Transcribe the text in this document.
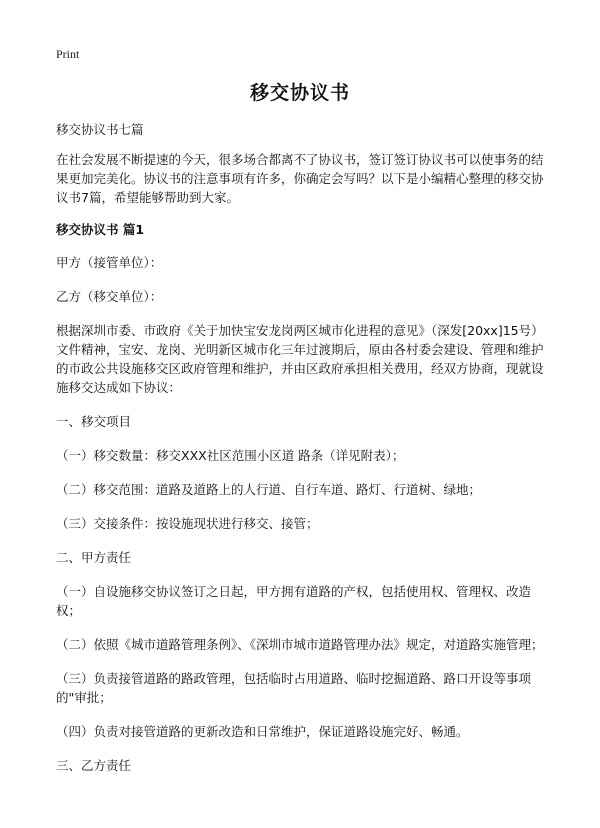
Print
移交协议书

移交协议书七篇

在社会发展不断提速的今天，很多场合都离不了协议书，签订签订协议书可以使事务的结果更加完美化。协议书的注意事项有许多，你确定会写吗？以下是小编精心整理的移交协议书7篇，希望能够帮助到大家。

移交协议书 篇1

甲方（接管单位）：

乙方（移交单位）：

根据深圳市委、市政府《关于加快宝安龙岗两区城市化进程的意见》（深发[20xx]15号）文件精神，宝安、龙岗、光明新区城市化三年过渡期后，原由各村委会建设、管理和维护的市政公共设施移交区政府管理和维护，并由区政府承担相关费用，经双方协商，现就设施移交达成如下协议：

一、移交项目

（一）移交数量：移交XXX社区范围小区道 路条（详见附表）；

（二）移交范围：道路及道路上的人行道、自行车道、路灯、行道树、绿地；

（三）交接条件：按设施现状进行移交、接管；

二、甲方责任

（一）自设施移交协议签订之日起，甲方拥有道路的产权，包括使用权、管理权、改造权；

（二）依照《城市道路管理条例》、《深圳市城市道路管理办法》规定，对道路实施管理；

（三）负责接管道路的路政管理，包括临时占用道路、临时挖掘道路、路口开设等事项的"审批；

（四）负责对接管道路的更新改造和日常维护，保证道路设施完好、畅通。

三、乙方责任
